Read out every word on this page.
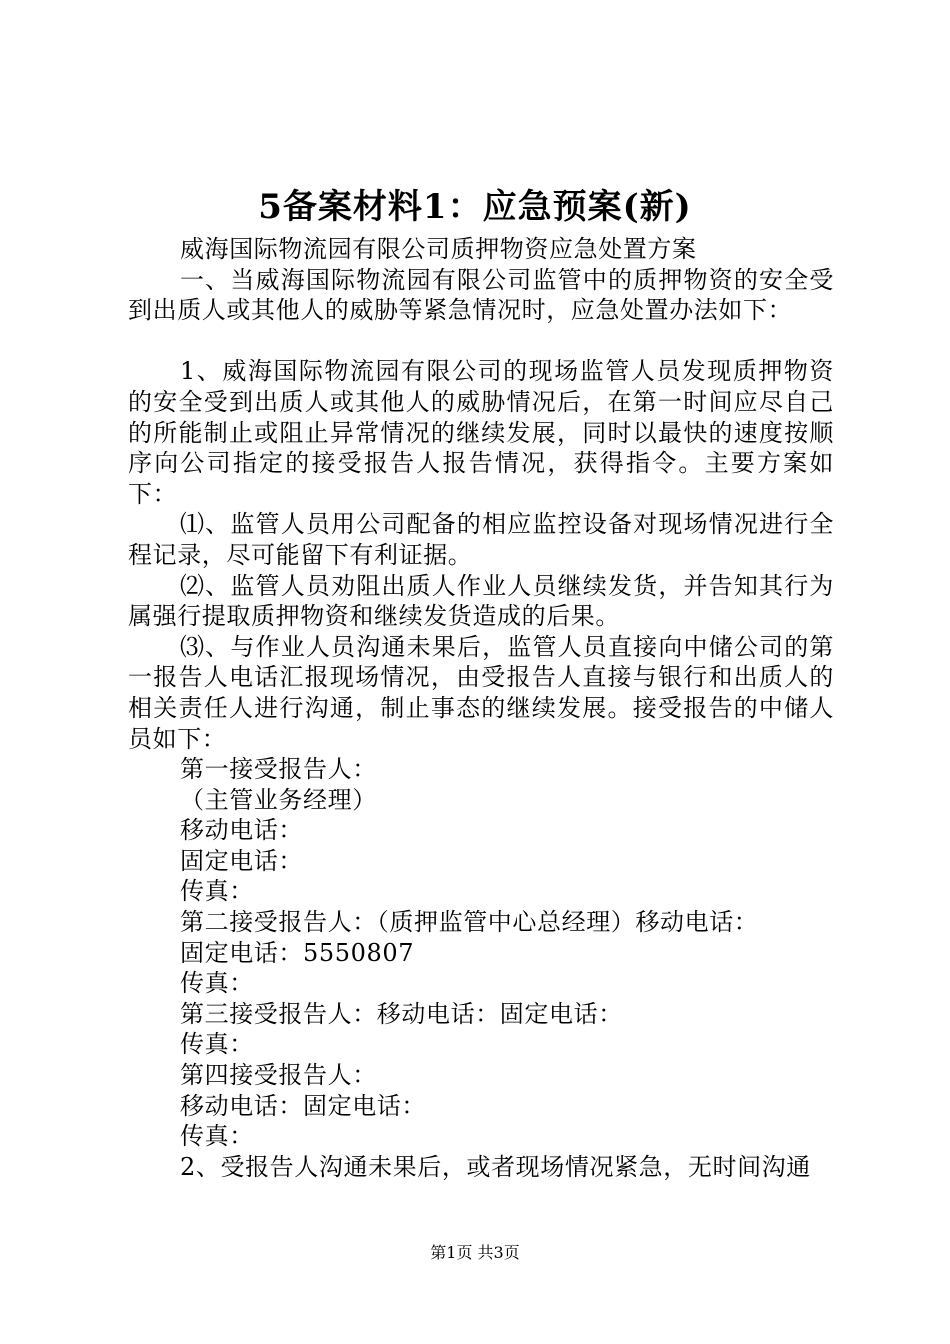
5备案材料1：应急预案(新)

威海国际物流园有限公司质押物资应急处置方案

一、当威海国际物流园有限公司监管中的质押物资的安全受到出质人或其他人的威胁等紧急情况时，应急处置办法如下：

1、威海国际物流园有限公司的现场监管人员发现质押物资的安全受到出质人或其他人的威胁情况后，在第一时间应尽自己的所能制止或阻止异常情况的继续发展，同时以最快的速度按顺序向公司指定的接受报告人报告情况，获得指令。主要方案如下：

⑴、监管人员用公司配备的相应监控设备对现场情况进行全程记录，尽可能留下有利证据。

⑵、监管人员劝阻出质人作业人员继续发货，并告知其行为属强行提取质押物资和继续发货造成的后果。

⑶、与作业人员沟通未果后，监管人员直接向中储公司的第一报告人电话汇报现场情况，由受报告人直接与银行和出质人的相关责任人进行沟通，制止事态的继续发展。接受报告的中储人员如下：

第一接受报告人：

（主管业务经理）

移动电话：

固定电话：

传真：

第二接受报告人：（质押监管中心总经理）移动电话：

固定电话：5550807

传真：

第三接受报告人：移动电话：固定电话：

传真：

第四接受报告人：

移动电话：固定电话：

传真：

2、受报告人沟通未果后，或者现场情况紧急，无时间沟通

第1页 共3页
